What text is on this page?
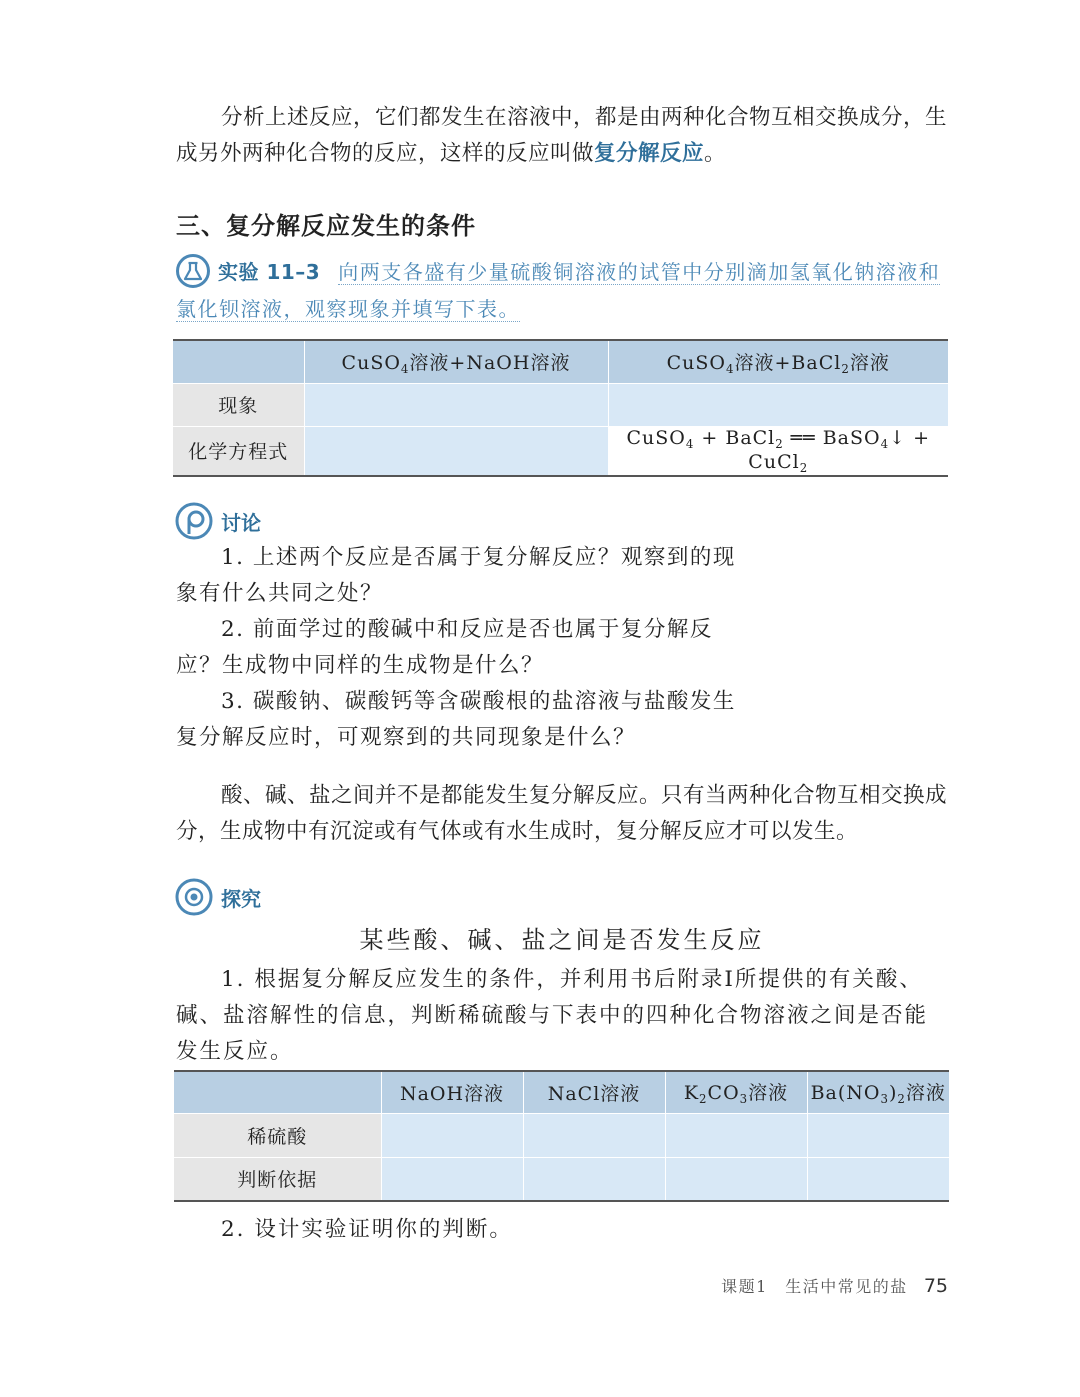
分析上述反应，它们都发生在溶液中，都是由两种化合物互相交换成分，生成另外两种化合物的反应，这样的反应叫做复分解反应。

三、复分解反应发生的条件
实验 11–3 向两支各盛有少量硫酸铜溶液的试管中分别滴加氢氧化钠溶液和氯化钡溶液，观察现象并填写下表。
	CuSO$_4$溶液+NaOH溶液	CuSO$_4$溶液+BaCl$_2$溶液
现象		
化学方程式		CuSO$_4$ + BaCl$_2$ ══ BaSO$_4$↓ + CuCl$_2$
讨论

1. 上述两个反应是否属于复分解反应？观察到的现象有什么共同之处？

2. 前面学过的酸碱中和反应是否也属于复分解反应？生成物中同样的生成物是什么？

3. 碳酸钠、碳酸钙等含碳酸根的盐溶液与盐酸发生复分解反应时，可观察到的共同现象是什么？

酸、碱、盐之间并不是都能发生复分解反应。只有当两种化合物互相交换成分，生成物中有沉淀或有气体或有水生成时，复分解反应才可以发生。

探究
某些酸、碱、盐之间是否发生反应

1. 根据复分解反应发生的条件，并利用书后附录Ⅰ所提供的有关酸、碱、盐溶解性的信息，判断稀硫酸与下表中的四种化合物溶液之间是否能发生反应。

	NaOH溶液	NaCl溶液	$K_2CO_3$溶液	$Ba(NO_3)_2$溶液
稀硫酸				
判断依据				

2. 设计实验证明你的判断。

课题1　生活中常见的盐 75
